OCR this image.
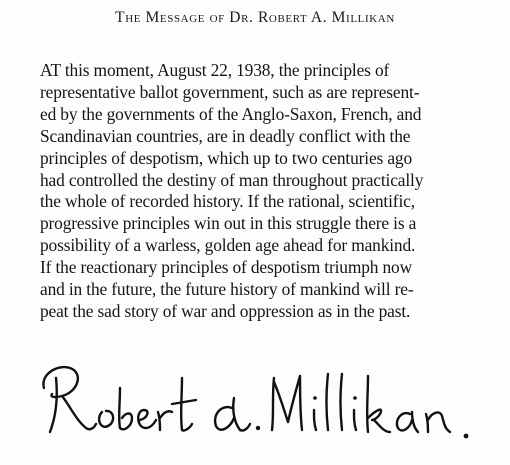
The Message of Dr. Robert A. Millikan
AT this moment, August 22, 1938, the principles of
representative ballot government, such as are represent-
ed by the governments of the Anglo-Saxon, French, and
Scandinavian countries, are in deadly conflict with the
principles of despotism, which up to two centuries ago
had controlled the destiny of man throughout practically
the whole of recorded history. If the rational, scientific,
progressive principles win out in this struggle there is a
possibility of a warless, golden age ahead for mankind.
If the reactionary principles of despotism triumph now
and in the future, the future history of mankind will re-
peat the sad story of war and oppression as in the past.
